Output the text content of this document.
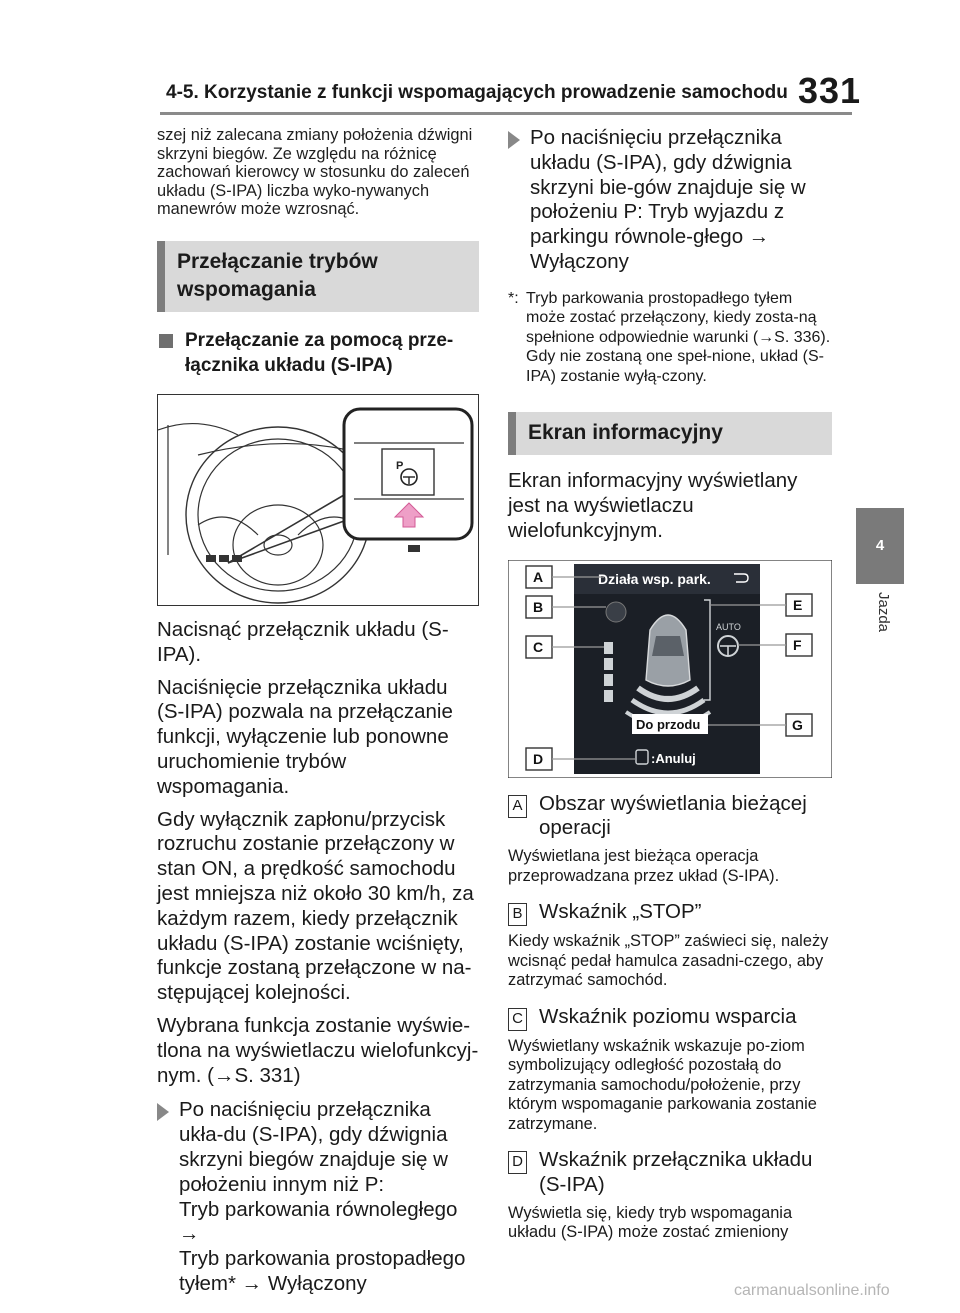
4-5. Korzystanie z funkcji wspomagających prowadzenie samochodu 331
4
Jazda

szej niż zalecana zmiany położenia dźwigni skrzyni biegów. Ze względu na różnicę zachowań kierowcy w stosunku do zaleceń układu (S-IPA) liczba wyko-nywanych manewrów może wzrosnąć.

Przełączanie trybów wspomagania
Przełączanie za pomocą prze-łącznika układu (S-IPA)
P

Nacisnąć przełącznik układu (S-IPA).

Naciśnięcie przełącznika układu (S-IPA) pozwala na przełączanie funkcji, wyłączenie lub ponowne uruchomienie trybów wspomagania.

Gdy wyłącznik zapłonu/przycisk rozruchu zostanie przełączony w stan ON, a prędkość samochodu jest mniejsza niż około 30 km/h, za każdym razem, kiedy przełącznik układu (S-IPA) zostanie wciśnięty, funkcje zostaną przełączone w na-stępującej kolejności.

Wybrana funkcja zostanie wyświe-tlona na wyświetlaczu wielofunkcyj-nym. (→S. 331)

Po naciśnięciu przełącznika ukła-du (S-IPA), gdy dźwignia skrzyni biegów znajduje się w położeniu innym niż P:
Tryb parkowania równoległego →
Tryb parkowania prostopadłego tyłem* → Wyłączony
Po naciśnięciu przełącznika układu (S-IPA), gdy dźwignia skrzyni bie-gów znajduje się w położeniu P: Tryb wyjazdu z parkingu równole-głego → Wyłączony
*: Tryb parkowania prostopadłego tyłem może zostać przełączony, kiedy zosta-ną spełnione odpowiednie warunki (→S. 336). Gdy nie zostaną one speł-nione, układ (S-IPA) zostanie wyłą-czony.
Ekran informacyjny

Ekran informacyjny wyświetlany jest na wyświetlaczu wielofunkcyjnym.

Działa wsp. park.
AUTO
Do przodu
:Anuluj
A
B
C
D
E
F
G
A Obszar wyświetlania bieżącej operacji

Wyświetlana jest bieżąca operacja przeprowadzana przez układ (S-IPA).

B Wskaźnik „STOP”

Kiedy wskaźnik „STOP” zaświeci się, należy wcisnąć pedał hamulca zasadni-czego, aby zatrzymać samochód.

C Wskaźnik poziomu wsparcia

Wyświetlany wskaźnik wskazuje po-ziom symbolizujący odległość pozostałą do zatrzymania samochodu/położenie, przy którym wspomaganie parkowania zostanie zatrzymane.

D Wskaźnik przełącznika układu (S-IPA)

Wyświetla się, kiedy tryb wspomagania układu (S-IPA) może zostać zmieniony

carmanualsonline.info
